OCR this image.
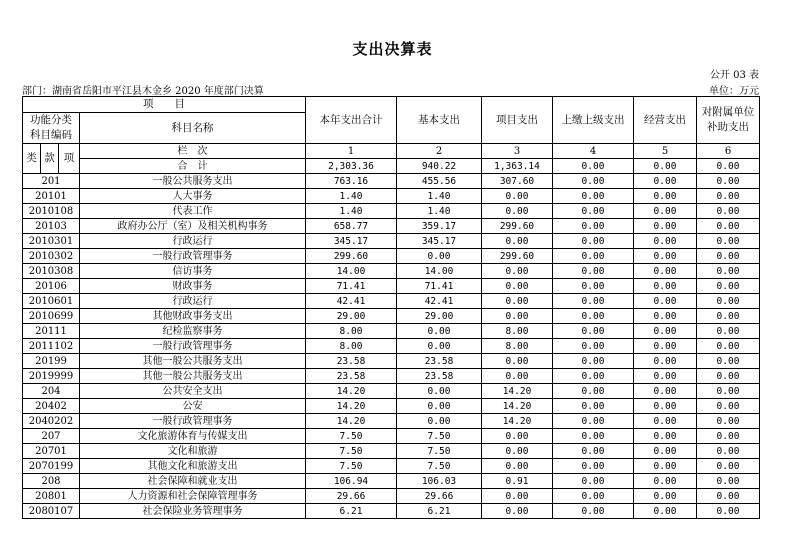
支出决算表
公开 03 表
部门：湖南省岳阳市平江县木金乡 2020 年度部门决算	单位：万元
项　　目				本年支出合计	基本支出	项目支出	上缴上级支出	经营支出	对附属单位
补助支出

功能分类
科目编码			科目名称						
类	款	项							
			栏　次	1	2	3	4	5	6
			合　计	2,303.36	940.22	1,363.14	0.00	0.00	0.00
201			一般公共服务支出	763.16	455.56	307.60	0.00	0.00	0.00
20101			人大事务	1.40	1.40	0.00	0.00	0.00	0.00
2010108			代表工作	1.40	1.40	0.00	0.00	0.00	0.00
20103			政府办公厅（室）及相关机构事务	658.77	359.17	299.60	0.00	0.00	0.00
2010301			行政运行	345.17	345.17	0.00	0.00	0.00	0.00
2010302			一般行政管理事务	299.60	0.00	299.60	0.00	0.00	0.00
2010308			信访事务	14.00	14.00	0.00	0.00	0.00	0.00
20106			财政事务	71.41	71.41	0.00	0.00	0.00	0.00
2010601			行政运行	42.41	42.41	0.00	0.00	0.00	0.00
2010699			其他财政事务支出	29.00	29.00	0.00	0.00	0.00	0.00
20111			纪检监察事务	8.00	0.00	8.00	0.00	0.00	0.00
2011102			一般行政管理事务	8.00	0.00	8.00	0.00	0.00	0.00
20199			其他一般公共服务支出	23.58	23.58	0.00	0.00	0.00	0.00
2019999			其他一般公共服务支出	23.58	23.58	0.00	0.00	0.00	0.00
204			公共安全支出	14.20	0.00	14.20	0.00	0.00	0.00
20402			公安	14.20	0.00	14.20	0.00	0.00	0.00
2040202			一般行政管理事务	14.20	0.00	14.20	0.00	0.00	0.00
207			文化旅游体育与传媒支出	7.50	7.50	0.00	0.00	0.00	0.00
20701			文化和旅游	7.50	7.50	0.00	0.00	0.00	0.00
2070199			其他文化和旅游支出	7.50	7.50	0.00	0.00	0.00	0.00
208			社会保障和就业支出	106.94	106.03	0.91	0.00	0.00	0.00
20801			人力资源和社会保障管理事务	29.66	29.66	0.00	0.00	0.00	0.00
2080107			社会保险业务管理事务	6.21	6.21	0.00	0.00	0.00	0.00
